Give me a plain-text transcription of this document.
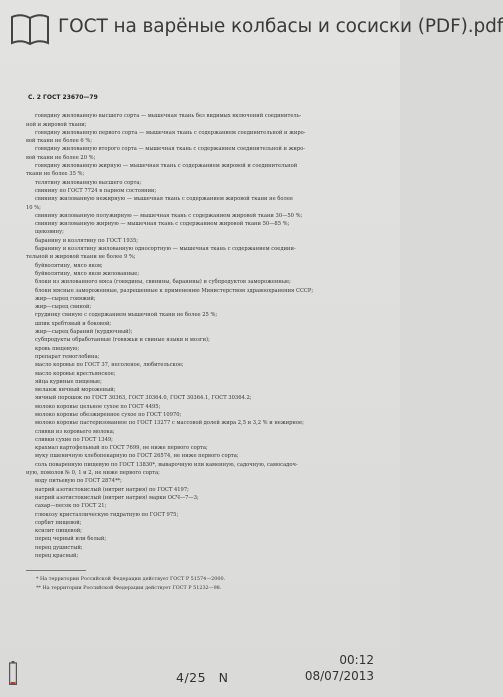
ГОСТ на варёные колбасы и сосиски (PDF).pdf
С. 2 ГОСТ 23670—79
говядину жилованную высшего сорта — мышечная ткань без видимых включений соединитель-
ной и жировой ткани;
говядину жилованную первого сорта — мышечная ткань с содержанием соединительной и жиро-
вой ткани не более 6 %;
говядину жилованную второго сорта — мышечная ткань с содержанием соединительной и жиро-
вой ткани не более 20 %;
говядину жилованную жирную — мышечная ткань с содержанием жировой и соединительной
ткани не более 35 %;
телятину жилованную высшего сорта;
свинину по ГОСТ 7724 в парном состоянии;
свинину жилованную нежирную — мышечная ткань с содержанием жировой ткани не более
10 %;
свинину жилованную полужирную — мышечная ткань с содержанием жировой ткани 30—50 %;
свинину жилованную жирную — мышечная ткань с содержанием жировой ткани 50—85 %;
щековину;
баранину и козлятину по ГОСТ 1935;
баранину и козлятину жилованную односортную — мышечная ткань с содержанием соедини-
тельной и жировой ткани не более 9 %;
буйволятину, мясо яков;
буйволятину, мясо яков жилованные;
блоки из жилованного мяса (говядины, свинины, баранины) и субпродуктов замороженные;
блоки мясные замороженные, разрешенные к применению Министерством здравоохранения СССР;
жир—сырец говяжий;
жир—сырец свиной;
грудинку свиную с содержанием мышечной ткани не более 25 %;
шпик хребтовый и боковой;
жир—сырец бараний (курдючный);
субпродукты обработанные (говяжьи и свиные языки и мозги);
кровь пищевую;
препарат гемоглобина;
масло коровье по ГОСТ 37, несоленое, любительское;
масло коровье крестьянское;
яйца куриные пищевые;
меланж яичный мороженый;
яичный порошок по ГОСТ 30363, ГОСТ 30364.0, ГОСТ 30364.1, ГОСТ 30364.2;
молоко коровье цельное сухое по ГОСТ 4495;
молоко коровье обезжиренное сухое по ГОСТ 10970;
молоко коровье пастеризованное по ГОСТ 13277 с массовой долей жира 2,5 и 3,2 % и нежирное;
сливки из коровьего молока;
сливки сухие по ГОСТ 1349;
крахмал картофельный по ГОСТ 7699, не ниже первого сорта;
муку пшеничную хлебопекарную по ГОСТ 26574, не ниже первого сорта;
соль поваренную пищевую по ГОСТ 13830*, выварочную или каменную, садочную, самосадоч-
ную, помолов № 0, 1 и 2, не ниже первого сорта;
воду питьевую по ГОСТ 2874**;
натрий азотистокислый (нитрит натрия) по ГОСТ 4197;
натрий азотистокислый (нитрит натрия) марки ОСЧ—7—3;
сахар—песок по ГОСТ 21;
глюкозу кристаллическую гидратную по ГОСТ 975;
сорбит пищевой;
ксилит пищевой;
перец черный или белый;
перец душистый;
перец красный;
* На территории Российской Федерации действует ГОСТ Р 51574—2000.
** На территории Российской Федерации действует ГОСТ Р 51232—98.
4/25 N
00:12
08/07/2013
